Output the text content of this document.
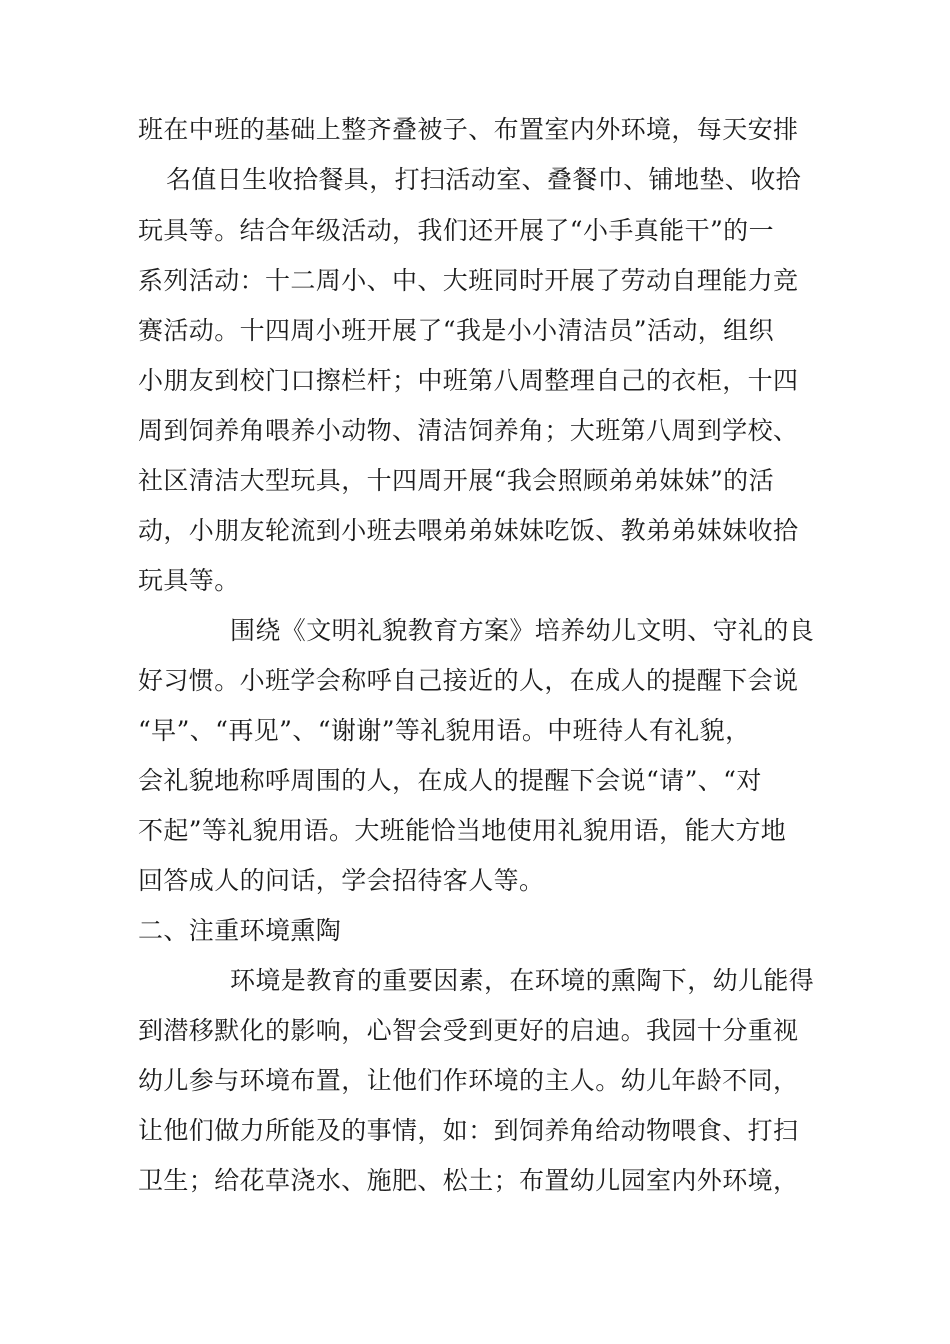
班在中班的基础上整齐叠被子、布置室内外环境，每天安排
名值日生收拾餐具，打扫活动室、叠餐巾、铺地垫、收拾
玩具等。结合年级活动，我们还开展了“小手真能干”的一
系列活动：十二周小、中、大班同时开展了劳动自理能力竞
赛活动。十四周小班开展了“我是小小清洁员”活动，组织
小朋友到校门口擦栏杆；中班第八周整理自己的衣柜，十四
周到饲养角喂养小动物、清洁饲养角；大班第八周到学校、
社区清洁大型玩具，十四周开展“我会照顾弟弟妹妹”的活
动，小朋友轮流到小班去喂弟弟妹妹吃饭、教弟弟妹妹收拾
玩具等。
围绕《文明礼貌教育方案》培养幼儿文明、守礼的良
好习惯。小班学会称呼自己接近的人，在成人的提醒下会说
“早”、“再见”、“谢谢”等礼貌用语。中班待人有礼貌，
会礼貌地称呼周围的人，在成人的提醒下会说“请”、“对
不起”等礼貌用语。大班能恰当地使用礼貌用语，能大方地
回答成人的问话，学会招待客人等。
二、注重环境熏陶
环境是教育的重要因素，在环境的熏陶下，幼儿能得
到潜移默化的影响，心智会受到更好的启迪。我园十分重视
幼儿参与环境布置，让他们作环境的主人。幼儿年龄不同，
让他们做力所能及的事情，如：到饲养角给动物喂食、打扫
卫生；给花草浇水、施肥、松土；布置幼儿园室内外环境，
